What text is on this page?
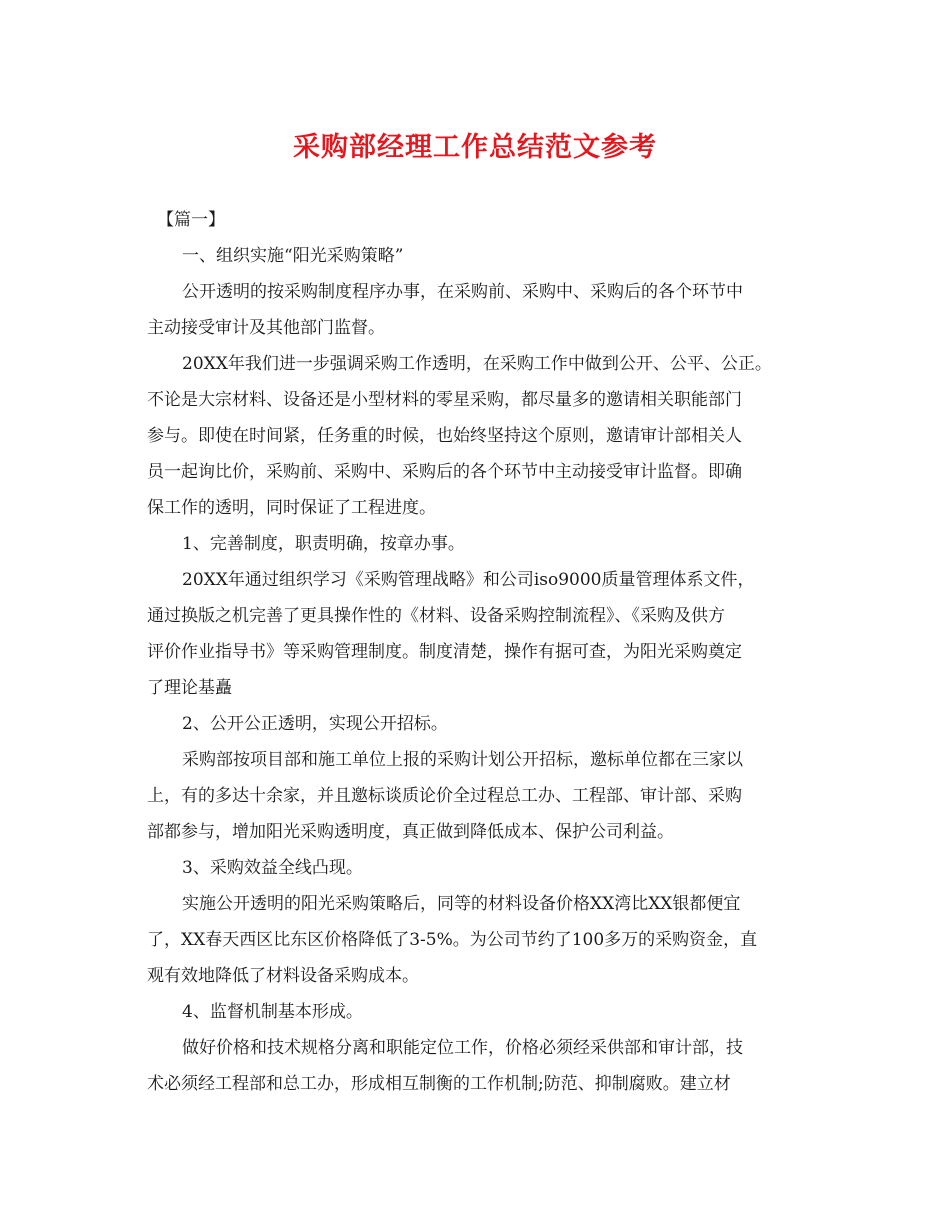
采购部经理工作总结范文参考

【篇一】

一、组织实施“阳光采购策略”

公开透明的按采购制度程序办事，在采购前、采购中、采购后的各个环节中

主动接受审计及其他部门监督。

20XX年我们进一步强调采购工作透明，在采购工作中做到公开、公平、公正。

不论是大宗材料、设备还是小型材料的零星采购，都尽量多的邀请相关职能部门

参与。即使在时间紧，任务重的时候，也始终坚持这个原则，邀请审计部相关人

员一起询比价，采购前、采购中、采购后的各个环节中主动接受审计监督。即确

保工作的透明，同时保证了工程进度。

1、完善制度，职责明确，按章办事。

20XX年通过组织学习《采购管理战略》和公司iso9000质量管理体系文件，

通过换版之机完善了更具操作性的《材料、设备采购控制流程》、《采购及供方

评价作业指导书》等采购管理制度。制度清楚，操作有据可查，为阳光采购奠定

了理论基矗

2、公开公正透明，实现公开招标。

采购部按项目部和施工单位上报的采购计划公开招标，邀标单位都在三家以

上，有的多达十余家，并且邀标谈质论价全过程总工办、工程部、审计部、采购

部都参与，增加阳光采购透明度，真正做到降低成本、保护公司利益。

3、采购效益全线凸现。

实施公开透明的阳光采购策略后，同等的材料设备价格XX湾比XX银都便宜

了，XX春天西区比东区价格降低了3-5%。为公司节约了100多万的采购资金，直

观有效地降低了材料设备采购成本。

4、监督机制基本形成。

做好价格和技术规格分离和职能定位工作，价格必须经采供部和审计部，技

术必须经工程部和总工办，形成相互制衡的工作机制;防范、抑制腐败。建立材
